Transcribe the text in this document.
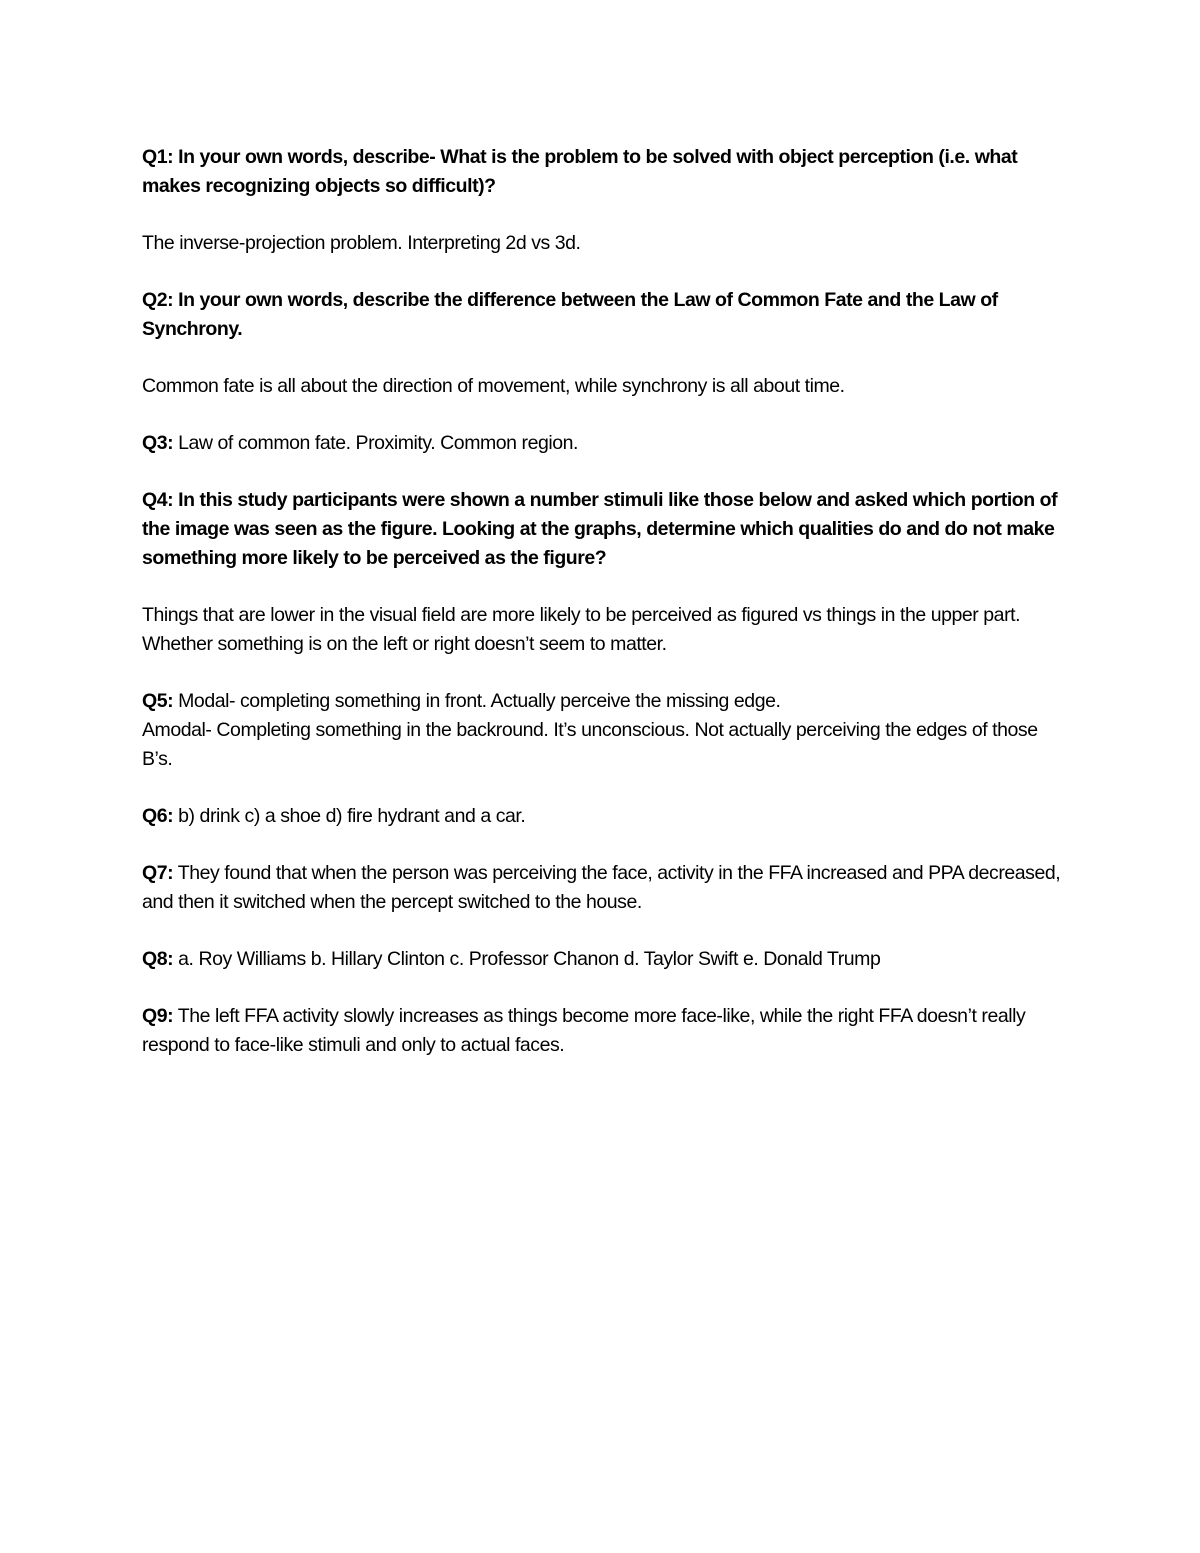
Q1: In your own words, describe- What is the problem to be solved with object perception (i.e. what makes recognizing objects so difficult)?

The inverse-projection problem. Interpreting 2d vs 3d.

Q2: In your own words, describe the difference between the Law of Common Fate and the Law of Synchrony.

Common fate is all about the direction of movement, while synchrony is all about time.

Q3: Law of common fate. Proximity. Common region.

Q4: In this study participants were shown a number stimuli like those below and asked which portion of the image was seen as the figure. Looking at the graphs, determine which qualities do and do not make something more likely to be perceived as the figure?

Things that are lower in the visual field are more likely to be perceived as figured vs things in the upper part. Whether something is on the left or right doesn’t seem to matter.

Q5: Modal- completing something in front. Actually perceive the missing edge.
Amodal- Completing something in the backround. It’s unconscious. Not actually perceiving the edges of those B’s.

Q6: b) drink c) a shoe d) fire hydrant and a car.

Q7: They found that when the person was perceiving the face, activity in the FFA increased and PPA decreased, and then it switched when the percept switched to the house.

Q8: a. Roy Williams b. Hillary Clinton c. Professor Chanon d. Taylor Swift e. Donald Trump

Q9: The left FFA activity slowly increases as things become more face-like, while the right FFA doesn’t really respond to face-like stimuli and only to actual faces.
